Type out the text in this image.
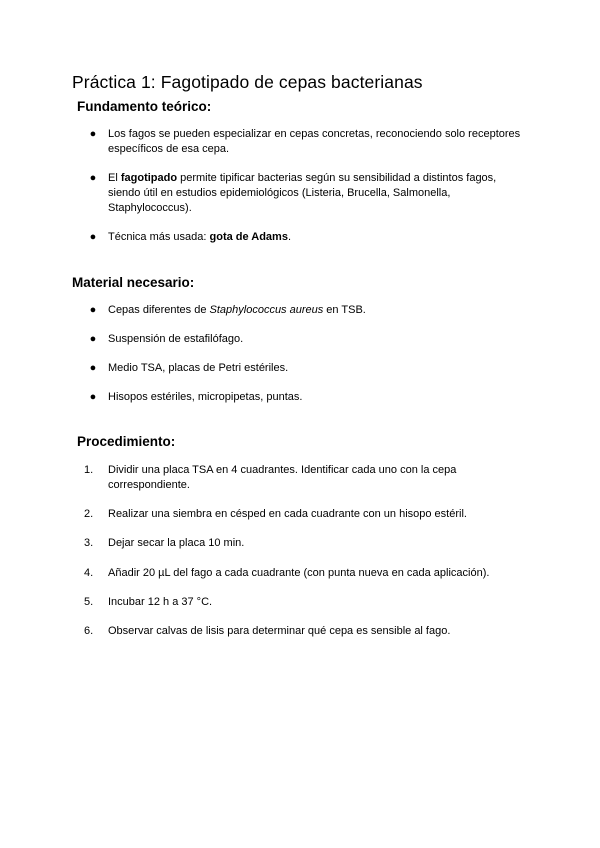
Práctica 1: Fagotipado de cepas bacterianas
Fundamento teórico:
●	Los fagos se pueden especializar en cepas concretas, reconociendo solo receptores específicos de esa cepa.
●	El fagotipado permite tipificar bacterias según su sensibilidad a distintos fagos, siendo útil en estudios epidemiológicos (Listeria, Brucella, Salmonella, Staphylococcus).
●	Técnica más usada: gota de Adams.
Material necesario:
●	Cepas diferentes de Staphylococcus aureus en TSB.
●	Suspensión de estafilófago.
●	Medio TSA, placas de Petri estériles.
●	Hisopos estériles, micropipetas, puntas.
Procedimiento:
1.	Dividir una placa TSA en 4 cuadrantes. Identificar cada uno con la cepa correspondiente.
2.	Realizar una siembra en césped en cada cuadrante con un hisopo estéril.
3.	Dejar secar la placa 10 min.
4.	Añadir 20 µL del fago a cada cuadrante (con punta nueva en cada aplicación).
5.	Incubar 12 h a 37 °C.
6.	Observar calvas de lisis para determinar qué cepa es sensible al fago.
